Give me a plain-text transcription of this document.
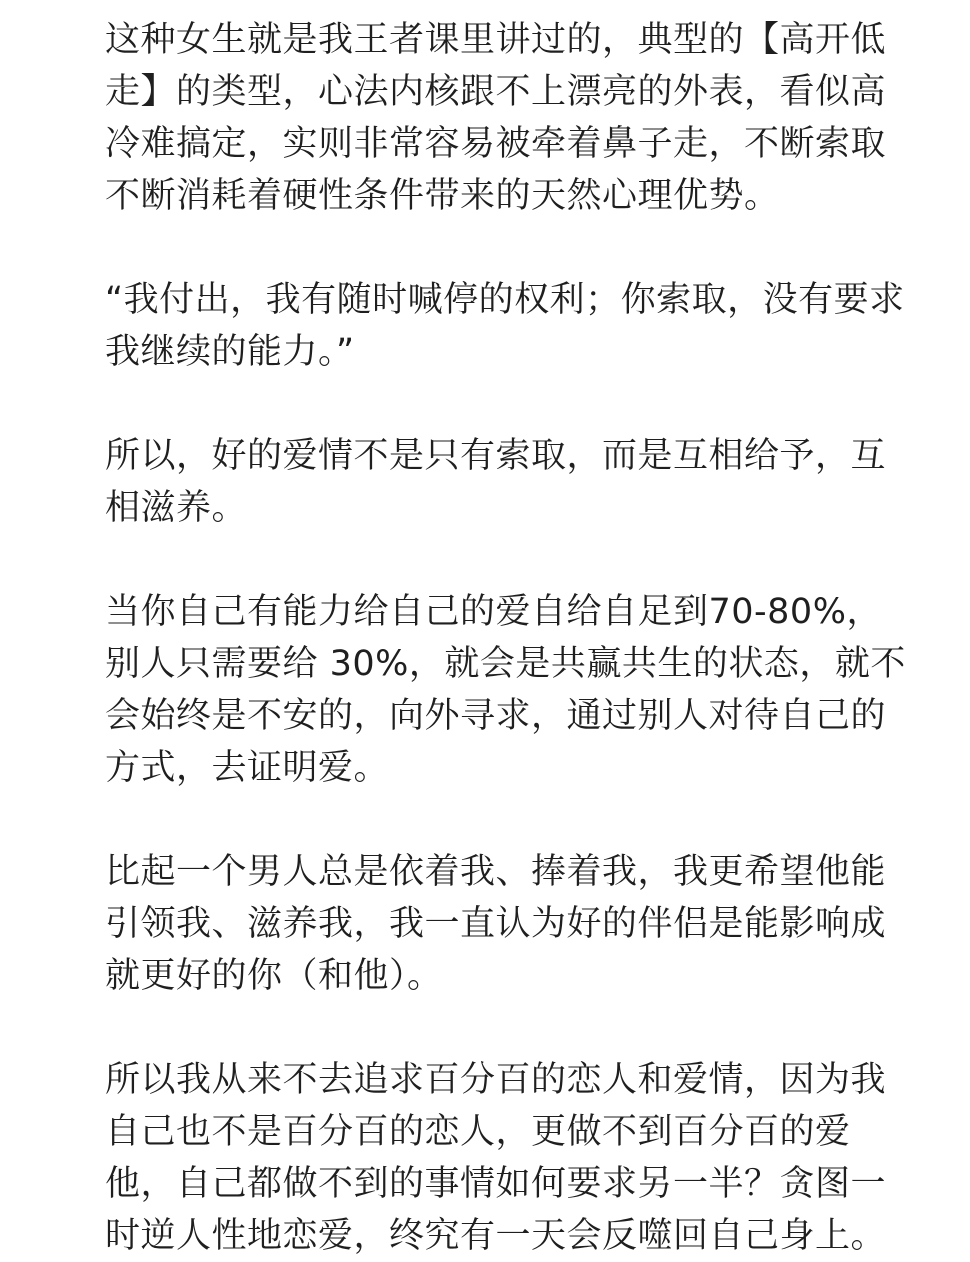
这种女生就是我王者课里讲过的，典型的【高开低
走】的类型，心法内核跟不上漂亮的外表，看似高
冷难搞定，实则非常容易被牵着鼻子走，不断索取
不断消耗着硬性条件带来的天然心理优势。

“我付出，我有随时喊停的权利；你索取，没有要求
我继续的能力。”

所以，好的爱情不是只有索取，而是互相给予，互
相滋养。

当你自己有能力给自己的爱自给自足到70-80%，
别人只需要给 30%，就会是共赢共生的状态，就不
会始终是不安的，向外寻求，通过别人对待自己的
方式，去证明爱。

比起一个男人总是依着我、捧着我，我更希望他能
引领我、滋养我，我一直认为好的伴侣是能影响成
就更好的你（和他）。

所以我从来不去追求百分百的恋人和爱情，因为我
自己也不是百分百的恋人，更做不到百分百的爱
他，自己都做不到的事情如何要求另一半？贪图一
时逆人性地恋爱，终究有一天会反噬回自己身上。
